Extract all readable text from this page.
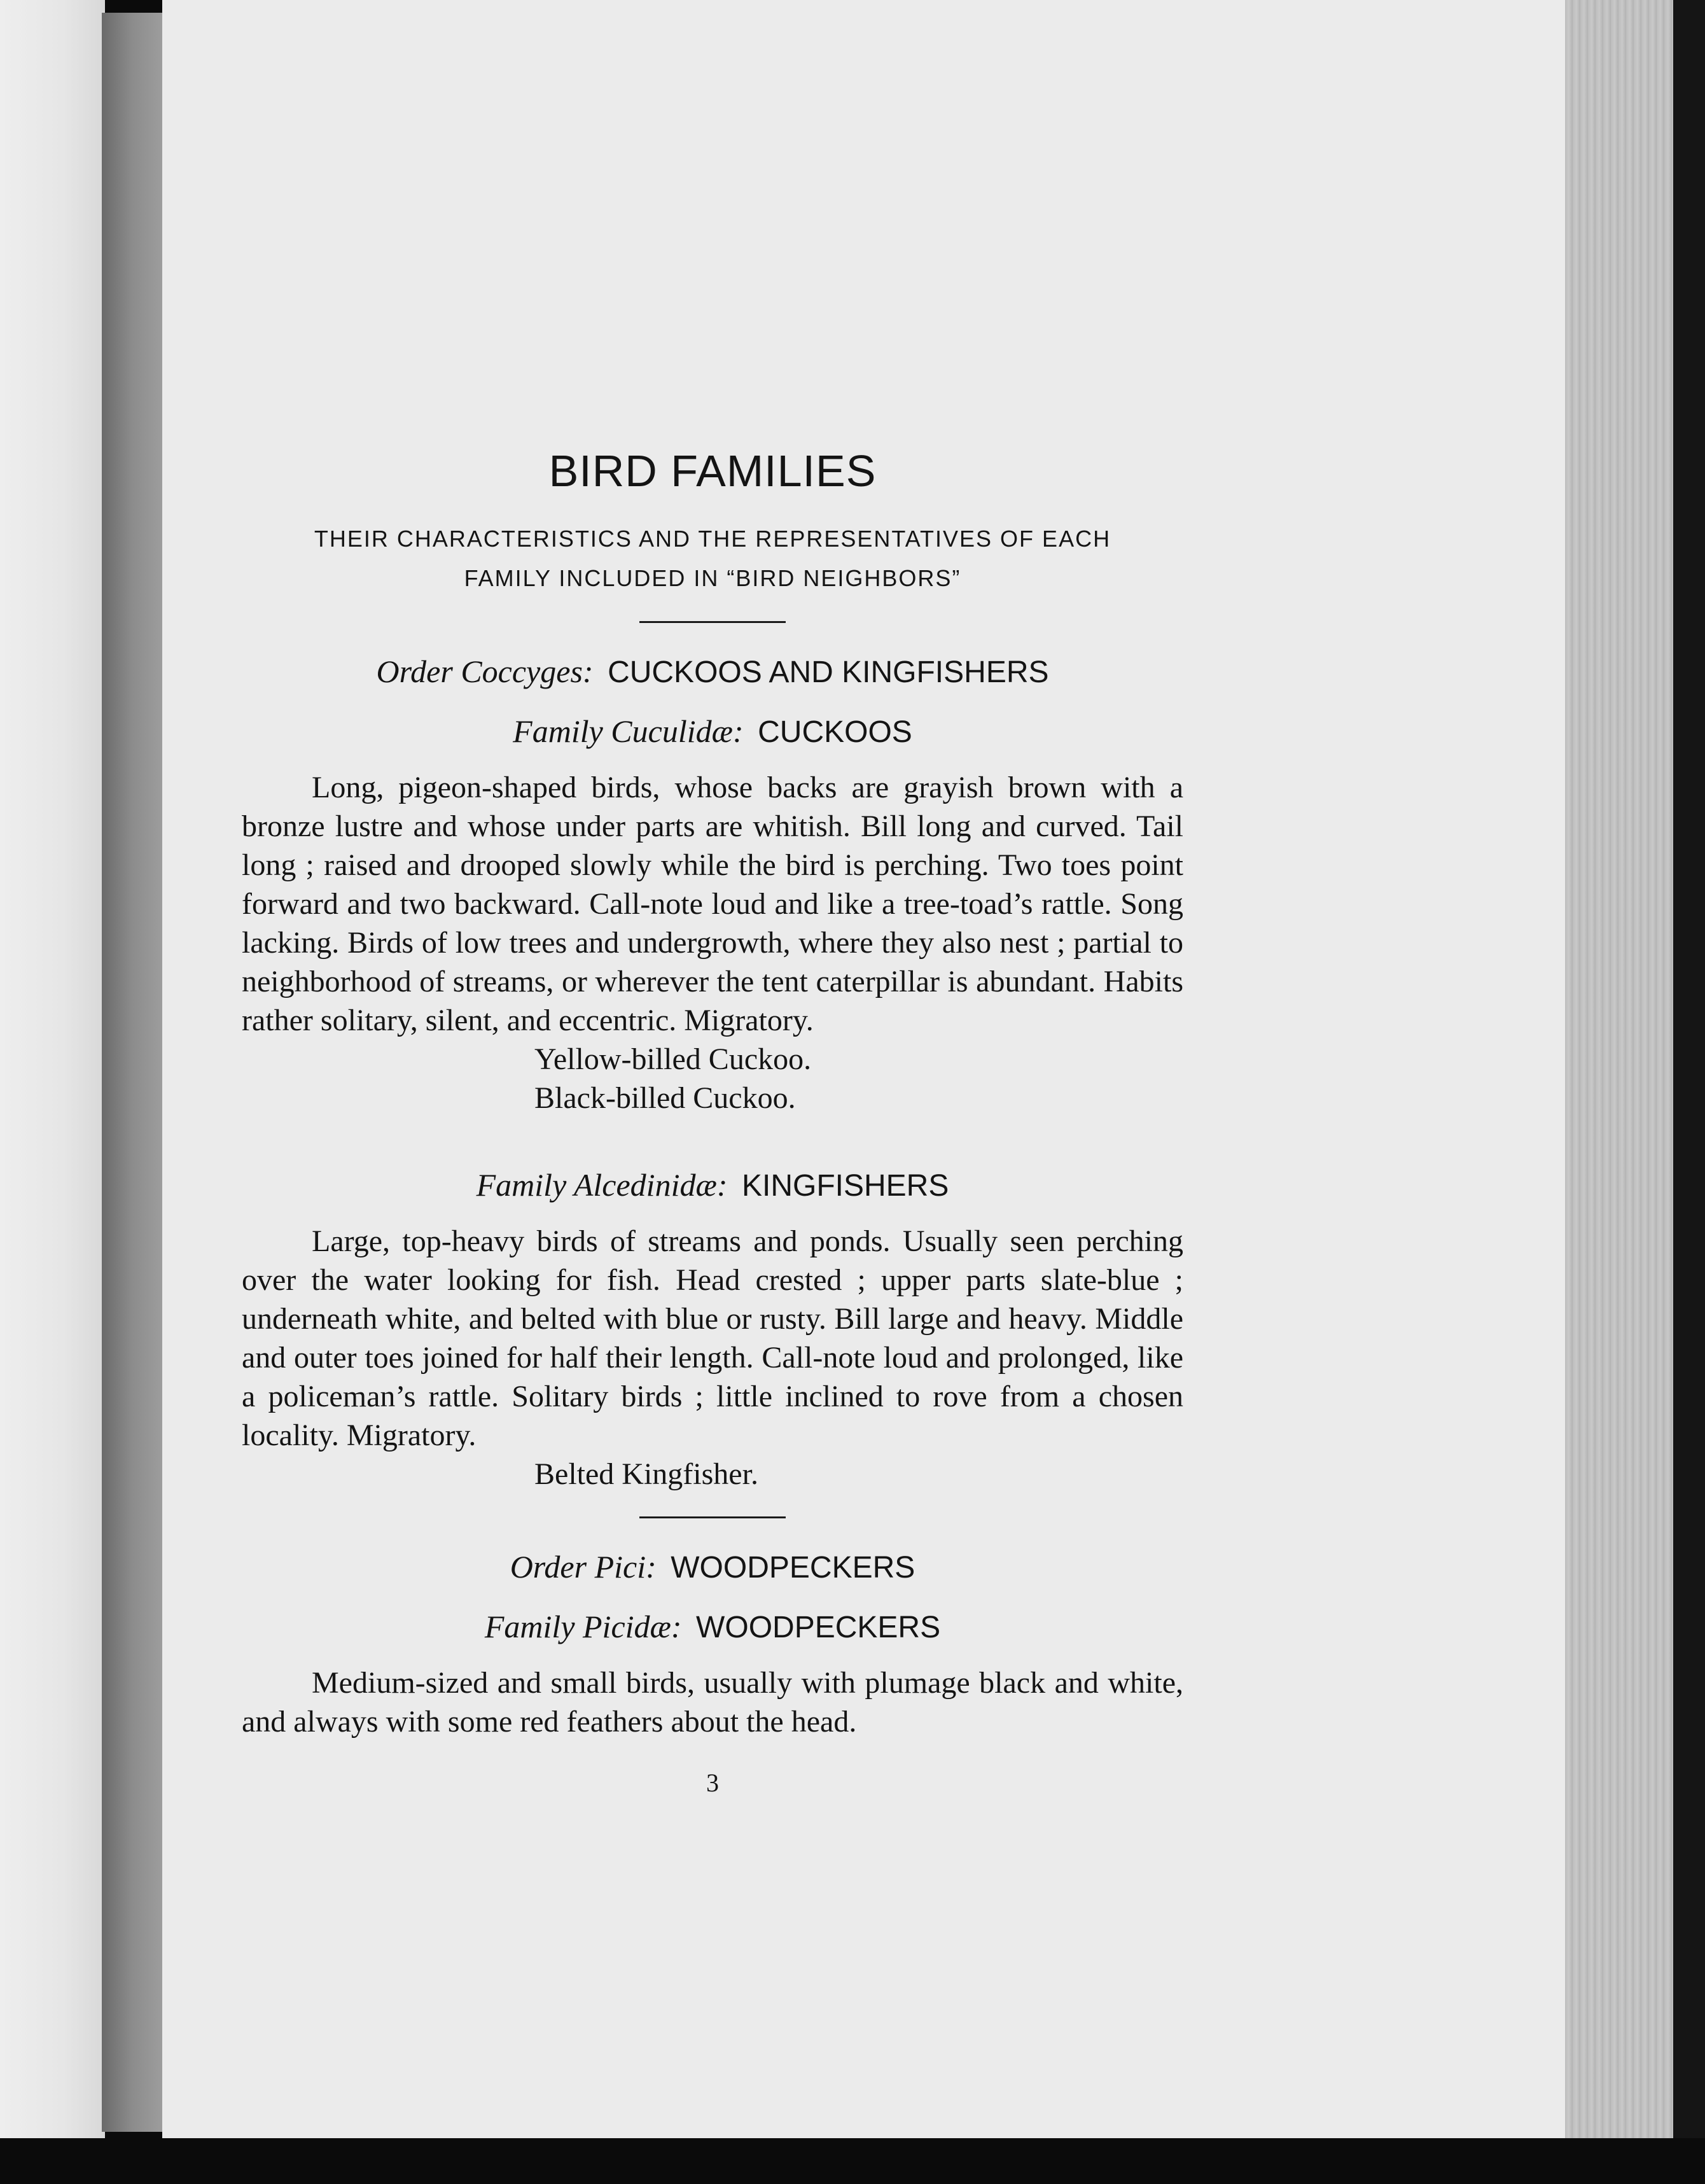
BIRD FAMILIES

THEIR CHARACTERISTICS AND THE REPRESENTATIVES OF EACH
FAMILY INCLUDED IN “BIRD NEIGHBORS”

Order Coccyges: CUCKOOS AND KINGFISHERS

Family Cuculidæ: CUCKOOS

Long, pigeon-shaped birds, whose backs are grayish brown with a bronze lustre and whose under parts are whitish. Bill long and curved. Tail long ; raised and drooped slowly while the bird is perching. Two toes point forward and two backward. Call-note loud and like a tree-toad’s rattle. Song lacking. Birds of low trees and undergrowth, where they also nest ; partial to neighborhood of streams, or wherever the tent caterpillar is abundant. Habits rather solitary, silent, and eccentric. Migratory.

Yellow-billed Cuckoo.

Black-billed Cuckoo.

Family Alcedinidæ: KINGFISHERS

Large, top-heavy birds of streams and ponds. Usually seen perching over the water looking for fish. Head crested ; upper parts slate-blue ; underneath white, and belted with blue or rusty. Bill large and heavy. Middle and outer toes joined for half their length. Call-note loud and prolonged, like a policeman’s rattle. Solitary birds ; little inclined to rove from a chosen locality. Migratory.

Belted Kingfisher.

Order Pici: WOODPECKERS

Family Picidæ: WOODPECKERS

Medium-sized and small birds, usually with plumage black and white, and always with some red feathers about the head.

3
